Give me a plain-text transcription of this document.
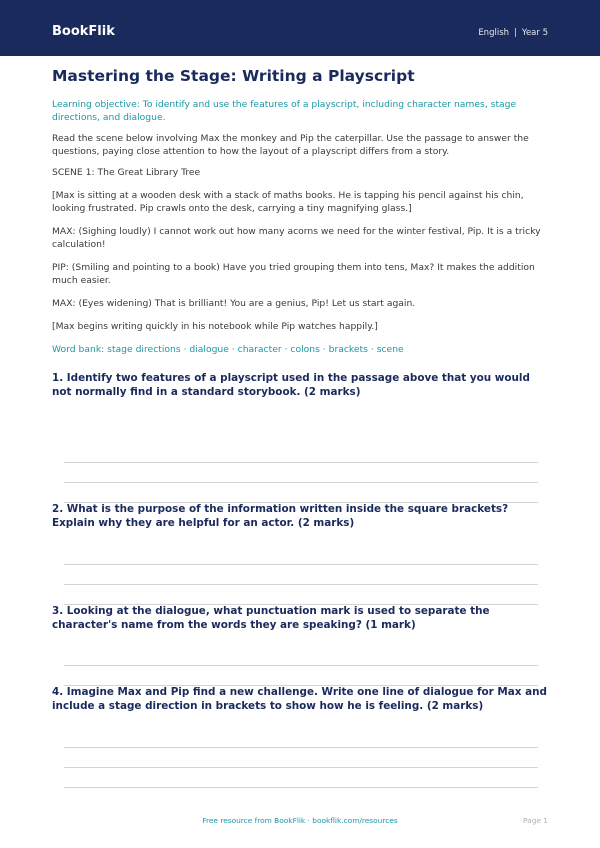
BookFlik	English | Year 5
Mastering the Stage: Writing a Playscript
Learning objective: To identify and use the features of a playscript, including character names, stage directions, and dialogue.
Read the scene below involving Max the monkey and Pip the caterpillar. Use the passage to answer the questions, paying close attention to how the layout of a playscript differs from a story.
SCENE 1: The Great Library Tree
[Max is sitting at a wooden desk with a stack of maths books. He is tapping his pencil against his chin, looking frustrated. Pip crawls onto the desk, carrying a tiny magnifying glass.]
MAX: (Sighing loudly) I cannot work out how many acorns we need for the winter festival, Pip. It is a tricky calculation!
PIP: (Smiling and pointing to a book) Have you tried grouping them into tens, Max? It makes the addition much easier.
MAX: (Eyes widening) That is brilliant! You are a genius, Pip! Let us start again.
[Max begins writing quickly in his notebook while Pip watches happily.]
Word bank: stage directions · dialogue · character · colons · brackets · scene
1. Identify two features of a playscript used in the passage above that you would not normally find in a standard storybook. (2 marks)
2. What is the purpose of the information written inside the square brackets? Explain why they are helpful for an actor. (2 marks)
3. Looking at the dialogue, what punctuation mark is used to separate the character's name from the words they are speaking? (1 mark)
4. Imagine Max and Pip find a new challenge. Write one line of dialogue for Max and include a stage direction in brackets to show how he is feeling. (2 marks)
Free resource from BookFlik · bookflik.com/resources	Page 1
